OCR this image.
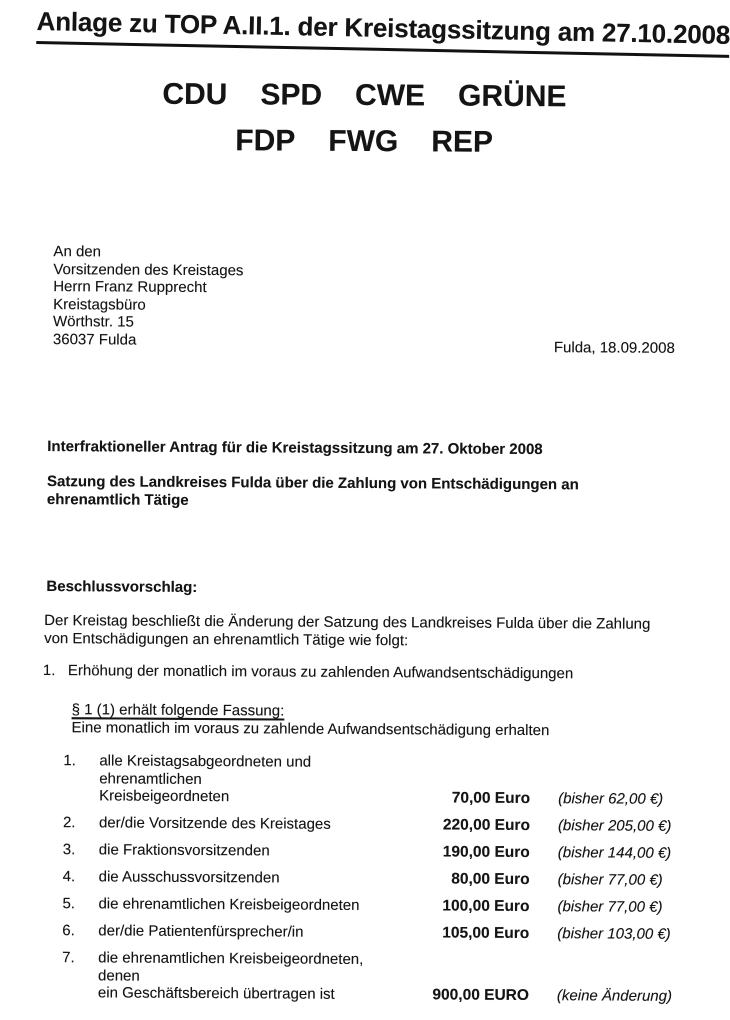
Anlage zu TOP A.II.1. der Kreistagssitzung am 27.10.2008
CDU SPD CWE GRÜNE
FDP FWG REP
An den
Vorsitzenden des Kreistages
Herrn Franz Rupprecht
Kreistagsbüro
Wörthstr. 15
36037 Fulda	Fulda, 18.09.2008
Interfraktioneller Antrag für die Kreistagssitzung am 27. Oktober 2008
Satzung des Landkreises Fulda über die Zahlung von Entschädigungen an
ehrenamtlich Tätige
Beschlussvorschlag:
Der Kreistag beschließt die Änderung der Satzung des Landkreises Fulda über die Zahlung
von Entschädigungen an ehrenamtlich Tätige wie folgt:
1. Erhöhung der monatlich im voraus zu zahlenden Aufwandsentschädigungen
§ 1 (1) erhält folgende Fassung:
Eine monatlich im voraus zu zahlende Aufwandsentschädigung erhalten
1.	alle Kreistagsabgeordneten und ehrenamtlichen
Kreisbeigeordneten	70,00 Euro (bisher 62,00 €)
2.	der/die Vorsitzende des Kreistages	220,00 Euro (bisher 205,00 €)
3.	die Fraktionsvorsitzenden	190,00 Euro (bisher 144,00 €)
4.	die Ausschussvorsitzenden	80,00 Euro (bisher 77,00 €)
5.	die ehrenamtlichen Kreisbeigeordneten	100,00 Euro (bisher 77,00 €)
6.	der/die Patientenfürsprecher/in	105,00 Euro (bisher 103,00 €)
7.	die ehrenamtlichen Kreisbeigeordneten, denen
ein Geschäftsbereich übertragen ist	900,00 EURO (keine Änderung)
